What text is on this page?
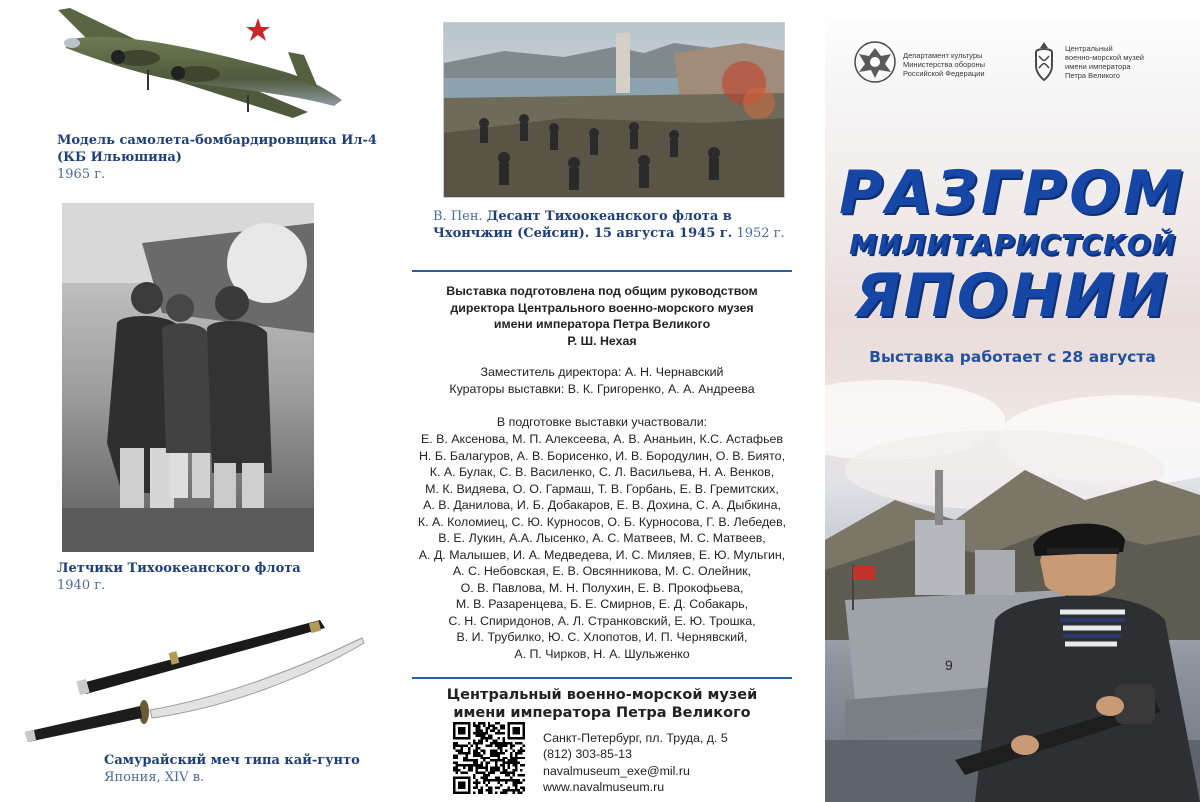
Модель самолета-бомбардировщика Ил-4 (КБ Ильюшина)
1965 г.
Летчики Тихоокеанского флота
1940 г.
Самурайский меч типа кай-гунто
Япония, XIV в.
В. Пен. Десант Тихоокеанского флота в Чхончжин (Сейсин). 15 августа 1945 г. 1952 г.
Выставка подготовлена под общим руководством
директора Центрального военно-морского музея
имени императора Петра Великого
Р. Ш. Нехая
Заместитель директора: А. Н. Чернавский
Кураторы выставки: В. К. Григоренко, А. А. Андреева
В подготовке выставки участвовали:
Е. В. Аксенова, М. П. Алексеева, А. В. Ананьин, К.С. Астафьев
Н. Б. Балагуров, А. В. Борисенко, И. В. Бородулин, О. В. Биято,
К. А. Булак, С. В. Василенко, С. Л. Васильева, Н. А. Венков,
М. К. Видяева, О. О. Гармаш, Т. В. Горбань, Е. В. Гремитских,
А. В. Данилова, И. Б. Добакаров, Е. В. Дохина, С. А. Дыбкина,
К. А. Коломиец, С. Ю. Курносов, О. Б. Курносова, Г. В. Лебедев,
В. Е. Лукин, А.А. Лысенко, А. С. Матвеев, М. С. Матвеев,
А. Д. Малышев, И. А. Медведева, И. С. Миляев, Е. Ю. Мульгин,
А. С. Небовская, Е. В. Овсянникова, М. С. Олейник,
О. В. Павлова, М. Н. Полухин, Е. В. Прокофьева,
М. В. Разаренцева, Б. Е. Смирнов, Е. Д. Собакарь,
С. Н. Спиридонов, А. Л. Странковский, Е. Ю. Трошка,
В. И. Трубилко, Ю. С. Хлопотов, И. П. Чернявский,
А. П. Чирков, Н. А. Шульженко
Центральный военно-морской музей
имени императора Петра Великого
Санкт-Петербург, пл. Труда, д. 5
(812) 303-85-13
navalmuseum_exe@mil.ru
www.navalmuseum.ru
9
Департамент культуры
Министерства обороны
Российской Федерации
Центральный
военно-морской музей
имени императора
Петра Великого
РАЗГРОМ
МИЛИТАРИСТСКОЙ
ЯПОНИИ
Выставка работает с 28 августа
